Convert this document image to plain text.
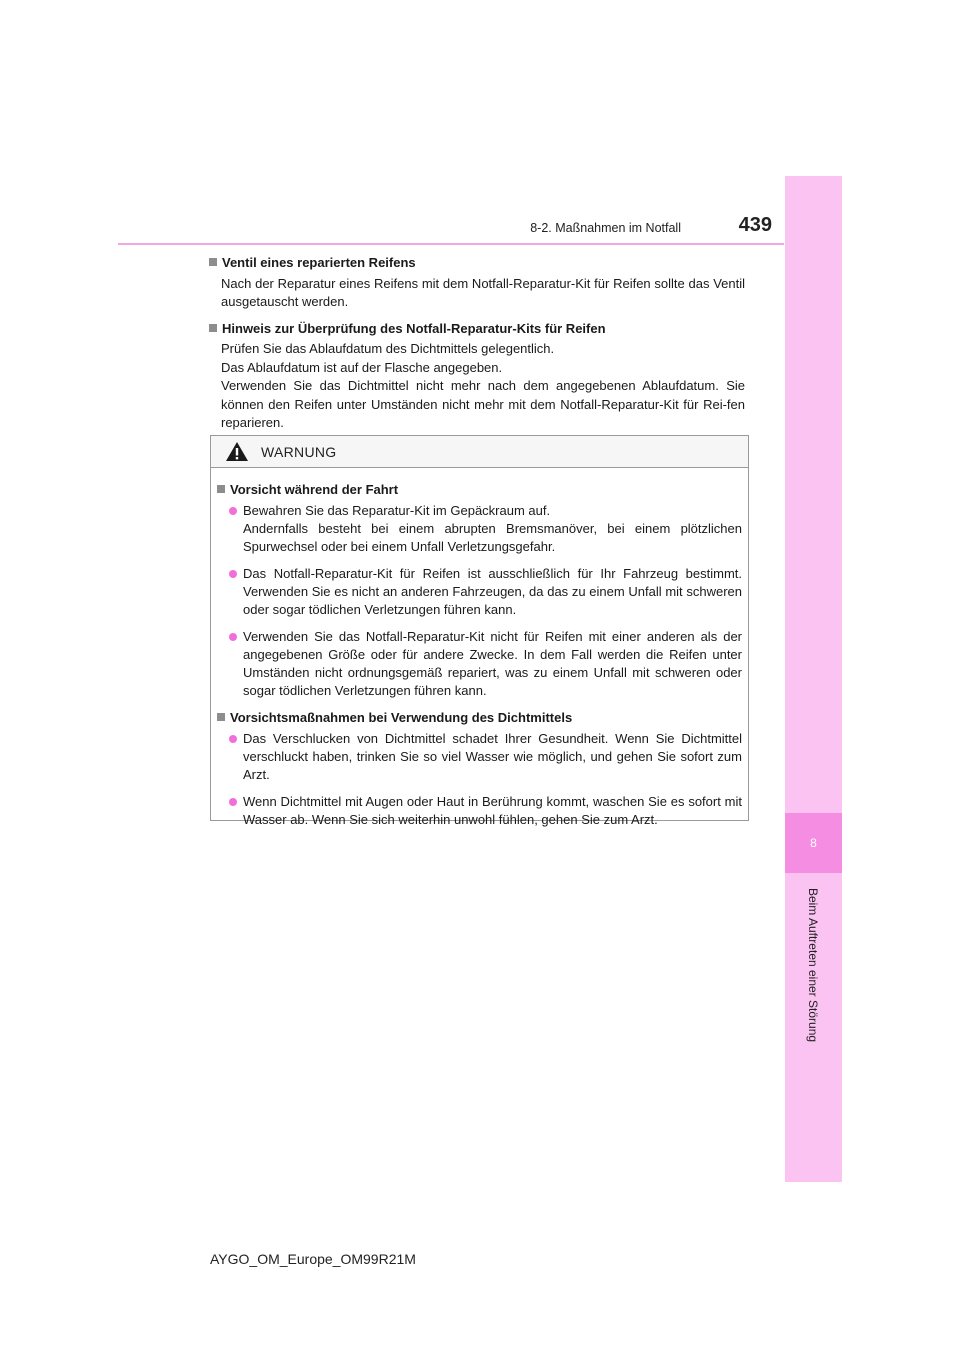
8
Beim Auftreten einer Störung
8-2. Maßnahmen im Notfall	439
Ventil eines reparierten Reifens

Nach der Reparatur eines Reifens mit dem Notfall-Reparatur-Kit für Reifen sollte das Ventil ausgetauscht werden.

Hinweis zur Überprüfung des Notfall-Reparatur-Kits für Reifen

Prüfen Sie das Ablaufdatum des Dichtmittels gelegentlich.

Das Ablaufdatum ist auf der Flasche angegeben.

Verwenden Sie das Dichtmittel nicht mehr nach dem angegebenen Ablaufdatum. Sie können den Reifen unter Umständen nicht mehr mit dem Notfall-Reparatur-Kit für Rei-fen reparieren.

WARNUNG
Vorsicht während der Fahrt

Bewahren Sie das Reparatur-Kit im Gepäckraum auf.

Andernfalls besteht bei einem abrupten Bremsmanöver, bei einem plötzlichen Spurwechsel oder bei einem Unfall Verletzungsgefahr.

Das Notfall-Reparatur-Kit für Reifen ist ausschließlich für Ihr Fahrzeug bestimmt. Verwenden Sie es nicht an anderen Fahrzeugen, da das zu einem Unfall mit schweren oder sogar tödlichen Verletzungen führen kann.

Verwenden Sie das Notfall-Reparatur-Kit nicht für Reifen mit einer anderen als der angegebenen Größe oder für andere Zwecke. In dem Fall werden die Reifen unter Umständen nicht ordnungsgemäß repariert, was zu einem Unfall mit schweren oder sogar tödlichen Verletzungen führen kann.

Vorsichtsmaßnahmen bei Verwendung des Dichtmittels

Das Verschlucken von Dichtmittel schadet Ihrer Gesundheit. Wenn Sie Dichtmittel verschluckt haben, trinken Sie so viel Wasser wie möglich, und gehen Sie sofort zum Arzt.

Wenn Dichtmittel mit Augen oder Haut in Berührung kommt, waschen Sie es sofort mit Wasser ab. Wenn Sie sich weiterhin unwohl fühlen, gehen Sie zum Arzt.

AYGO_OM_Europe_OM99R21M
